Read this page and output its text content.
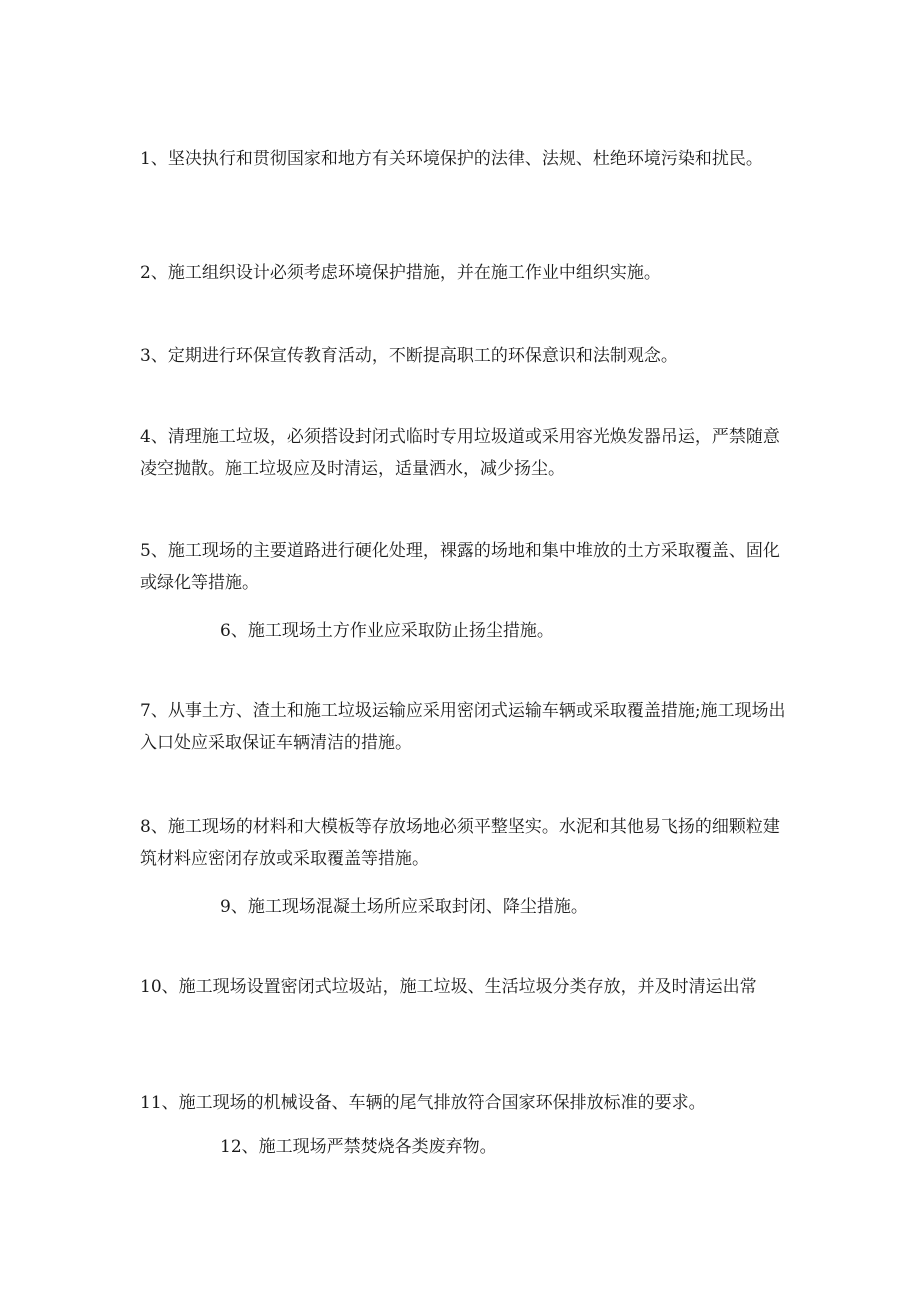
1、坚决执行和贯彻国家和地方有关环境保护的法律、法规、杜绝环境污染和扰民。

2、施工组织设计必须考虑环境保护措施，并在施工作业中组织实施。

3、定期进行环保宣传教育活动，不断提高职工的环保意识和法制观念。

4、清理施工垃圾，必须搭设封闭式临时专用垃圾道或采用容光焕发器吊运，严禁随意凌空抛散。施工垃圾应及时清运，适量洒水，减少扬尘。

5、施工现场的主要道路进行硬化处理，裸露的场地和集中堆放的土方采取覆盖、固化或绿化等措施。

6、施工现场土方作业应采取防止扬尘措施。

7、从事土方、渣土和施工垃圾运输应采用密闭式运输车辆或采取覆盖措施;施工现场出入口处应采取保证车辆清洁的措施。

8、施工现场的材料和大模板等存放场地必须平整坚实。水泥和其他易飞扬的细颗粒建筑材料应密闭存放或采取覆盖等措施。

9、施工现场混凝土场所应采取封闭、降尘措施。

10、施工现场设置密闭式垃圾站，施工垃圾、生活垃圾分类存放，并及时清运出常

11、施工现场的机械设备、车辆的尾气排放符合国家环保排放标准的要求。

12、施工现场严禁焚烧各类废弃物。
